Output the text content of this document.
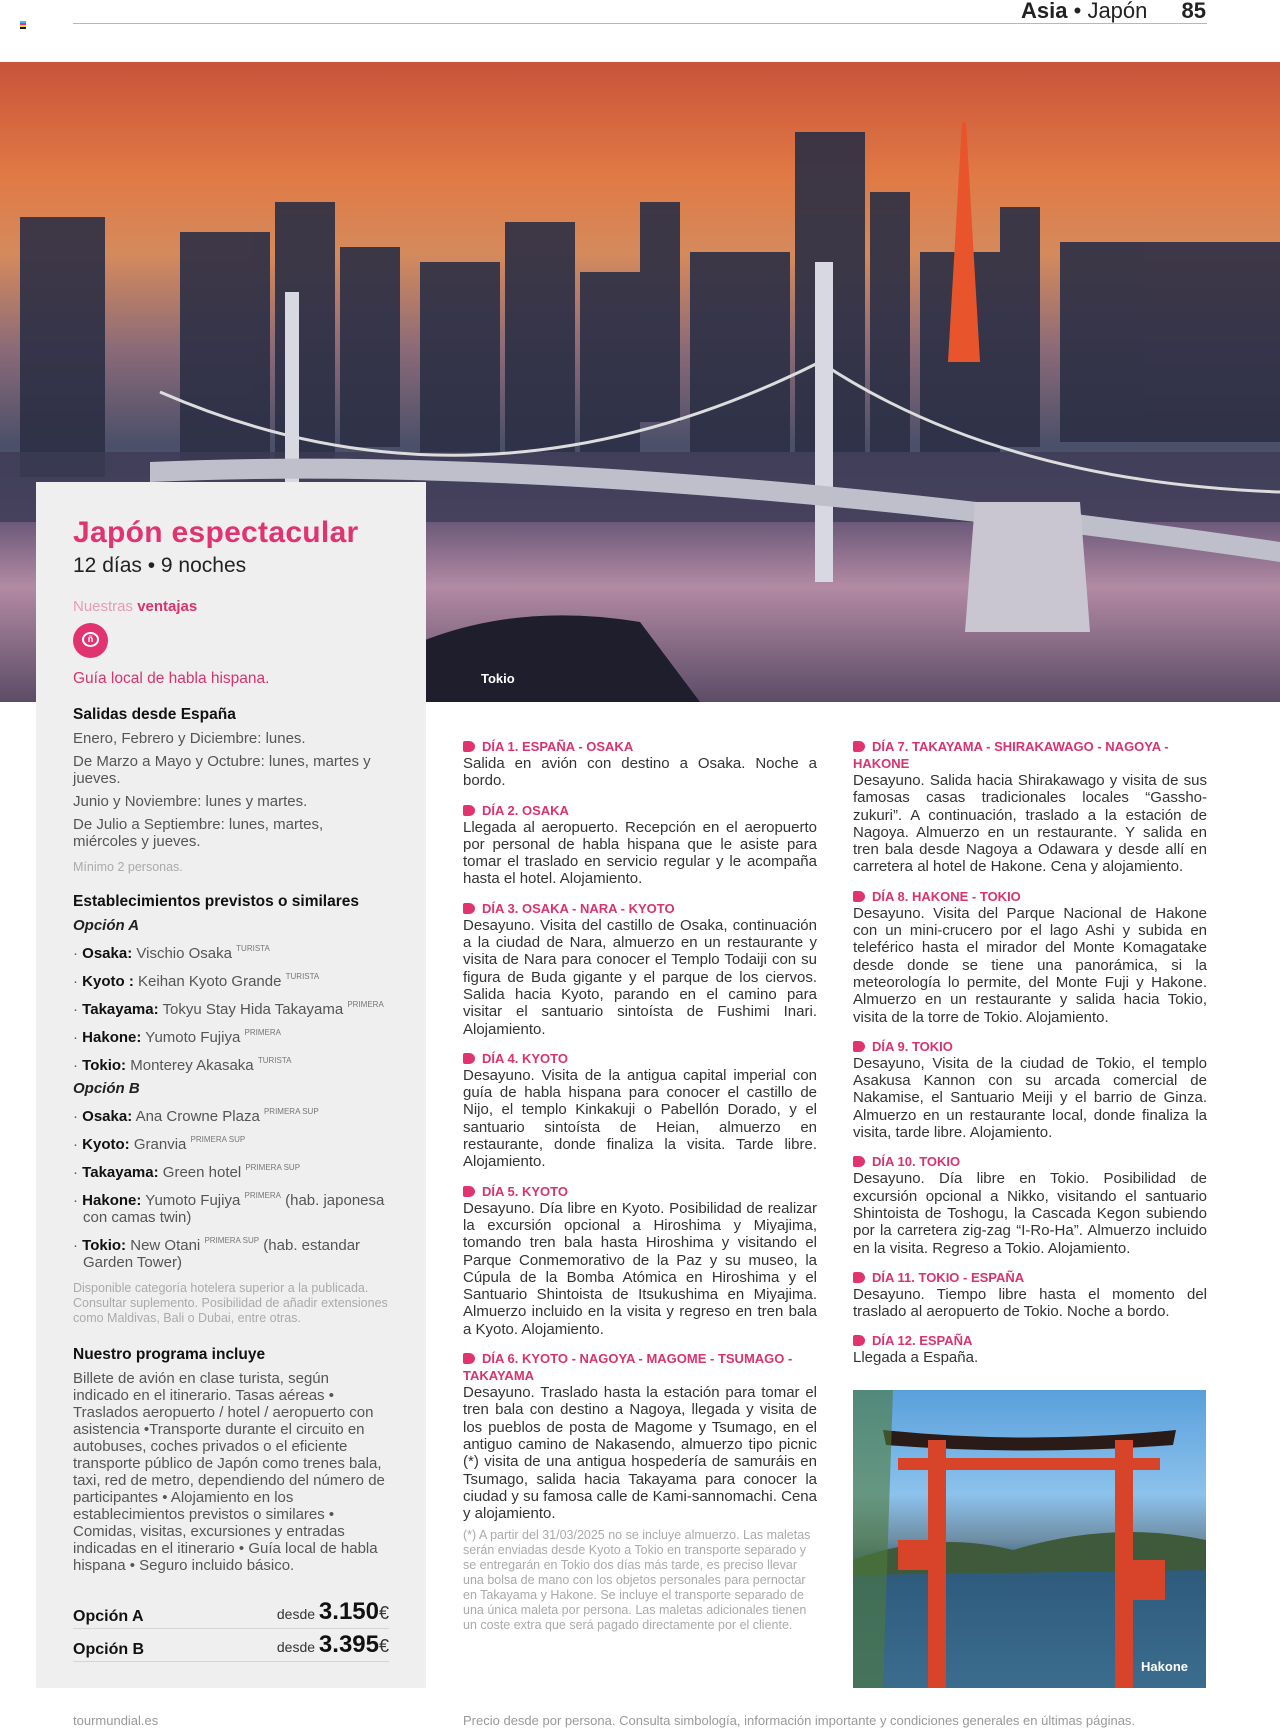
Asia • Japón 85
Tokio
Japón espectacular
12 días • 9 noches
Nuestras ventajas
ñ
Guía local de habla hispana.
Salidas desde España
Enero, Febrero y Diciembre: lunes.
De Marzo a Mayo y Octubre: lunes, martes y jueves.
Junio y Noviembre: lunes y martes.
De Julio a Septiembre: lunes, martes, miércoles y jueves.
Mínimo 2 personas.
Establecimientos previstos o similares
Opción A
· Osaka: Vischio Osaka $^{TURISTA}$
· Kyoto : Keihan Kyoto Grande $^{TURISTA}$
· Takayama: Tokyu Stay Hida Takayama $^{PRIMERA}$
· Hakone: Yumoto Fujiya $^{PRIMERA}$
· Tokio: Monterey Akasaka $^{TURISTA}$
Opción B
· Osaka: Ana Crowne Plaza $^{PRIMERA SUP}$
· Kyoto: Granvia $^{PRIMERA SUP}$
· Takayama: Green hotel $^{PRIMERA SUP}$
· Hakone: Yumoto Fujiya $^{PRIMERA}$ (hab. japonesa con camas twin)
· Tokio: New Otani $^{PRIMERA SUP}$ (hab. estandar Garden Tower)
Disponible categoría hotelera superior a la publicada. Consultar suplemento. Posibilidad de añadir extensiones como Maldivas, Bali o Dubai, entre otras.
Nuestro programa incluye
Billete de avión en clase turista, según indicado en el itinerario. Tasas aéreas • Traslados aeropuerto / hotel / aeropuerto con asistencia •Transporte durante el circuito en autobuses, coches privados o el eficiente transporte público de Japón como trenes bala, taxi, red de metro, dependiendo del número de participantes • Alojamiento en los establecimientos previstos o similares • Comidas, visitas, excursiones y entradas indicadas en el itinerario • Guía local de habla hispana • Seguro incluido básico.
Opción A	desde 3.150€
Opción B	desde 3.395€
DÍA 1. ESPAÑA - OSAKA
Salida en avión con destino a Osaka. Noche a bordo.
DÍA 2. OSAKA
Llegada al aeropuerto. Recepción en el aeropuerto por personal de habla hispana que le asiste para tomar el traslado en servicio regular y le acompaña hasta el hotel. Alojamiento.
DÍA 3. OSAKA - NARA - KYOTO
Desayuno. Visita del castillo de Osaka, continuación a la ciudad de Nara, almuerzo en un restaurante y visita de Nara para conocer el Templo Todaiji con su figura de Buda gigante y el parque de los ciervos. Salida hacia Kyoto, parando en el camino para visitar el santuario sintoísta de Fushimi Inari. Alojamiento.
DÍA 4. KYOTO
Desayuno. Visita de la antigua capital imperial con guía de habla hispana para conocer el castillo de Nijo, el templo Kinkakuji o Pabellón Dorado, y el santuario sintoísta de Heian, almuerzo en restaurante, donde finaliza la visita. Tarde libre. Alojamiento.
DÍA 5. KYOTO
Desayuno. Día libre en Kyoto. Posibilidad de realizar la excursión opcional a Hiroshima y Miyajima, tomando tren bala hasta Hiroshima y visitando el Parque Conmemorativo de la Paz y su museo, la Cúpula de la Bomba Atómica en Hiroshima y el Santuario Shintoista de Itsukushima en Miyajima. Almuerzo incluido en la visita y regreso en tren bala a Kyoto. Alojamiento.
DÍA 6. KYOTO - NAGOYA - MAGOME - TSUMAGO - TAKAYAMA
Desayuno. Traslado hasta la estación para tomar el tren bala con destino a Nagoya, llegada y visita de los pueblos de posta de Magome y Tsumago, en el antiguo camino de Nakasendo, almuerzo tipo picnic (*) visita de una antigua hospedería de samuráis en Tsumago, salida hacia Takayama para conocer la ciudad y su famosa calle de Kami-sannomachi. Cena y alojamiento.
(*) A partir del 31/03/2025 no se incluye almuerzo. Las maletas serán enviadas desde Kyoto a Tokio en transporte separado y se entregarán en Tokio dos días más tarde, es preciso llevar una bolsa de mano con los objetos personales para pernoctar en Takayama y Hakone. Se incluye el transporte separado de una única maleta por persona. Las maletas adicionales tienen un coste extra que será pagado directamente por el cliente.
DÍA 7. TAKAYAMA - SHIRAKAWAGO - NAGOYA - HAKONE
Desayuno. Salida hacia Shirakawago y visita de sus famosas casas tradicionales locales “Gassho-zukuri”. A continuación, traslado a la estación de Nagoya. Almuerzo en un restaurante. Y salida en tren bala desde Nagoya a Odawara y desde allí en carretera al hotel de Hakone. Cena y alojamiento.
DÍA 8. HAKONE - TOKIO
Desayuno. Visita del Parque Nacional de Hakone con un mini-crucero por el lago Ashi y subida en teleférico hasta el mirador del Monte Komagatake desde donde se tiene una panorámica, si la meteorología lo permite, del Monte Fuji y Hakone. Almuerzo en un restaurante y salida hacia Tokio, visita de la torre de Tokio. Alojamiento.
DÍA 9. TOKIO
Desayuno, Visita de la ciudad de Tokio, el templo Asakusa Kannon con su arcada comercial de Nakamise, el Santuario Meiji y el barrio de Ginza. Almuerzo en un restaurante local, donde finaliza la visita, tarde libre. Alojamiento.
DÍA 10. TOKIO
Desayuno. Día libre en Tokio. Posibilidad de excursión opcional a Nikko, visitando el santuario Shintoista de Toshogu, la Cascada Kegon subiendo por la carretera zig-zag “I-Ro-Ha”. Almuerzo incluido en la visita. Regreso a Tokio. Alojamiento.
DÍA 11. TOKIO - ESPAÑA
Desayuno. Tiempo libre hasta el momento del traslado al aeropuerto de Tokio. Noche a bordo.
DÍA 12. ESPAÑA
Llegada a España.
Hakone
tourmundial.es	Precio desde por persona. Consulta simbología, información importante y condiciones generales en últimas páginas.
